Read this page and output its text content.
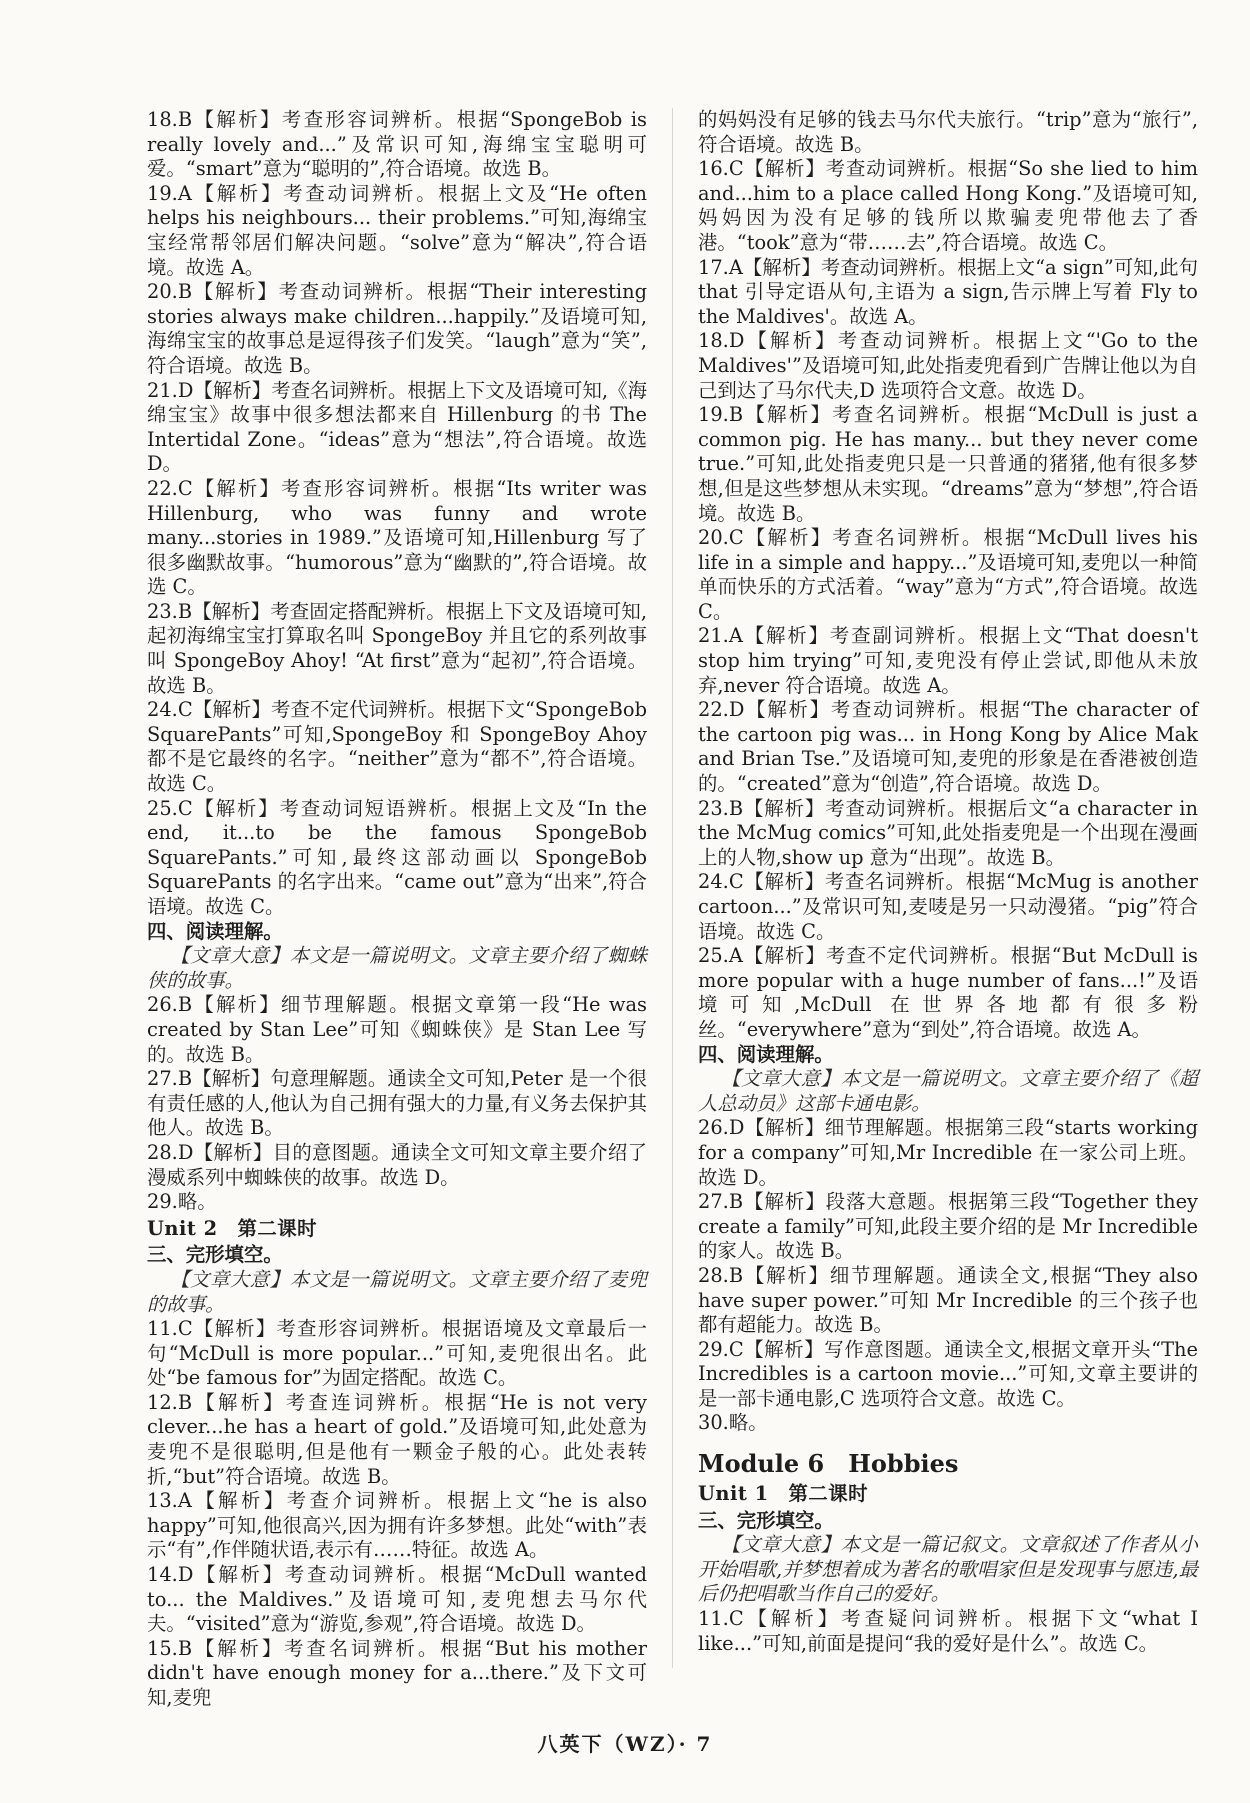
18.B【解析】考查形容词辨析。根据“SpongeBob is really lovely and...”及常识可知,海绵宝宝聪明可爱。“smart”意为“聪明的”,符合语境。故选 B。

19.A【解析】考查动词辨析。根据上文及“He often helps his neighbours... their problems.”可知,海绵宝宝经常帮邻居们解决问题。“solve”意为“解决”,符合语境。故选 A。

20.B【解析】考查动词辨析。根据“Their interesting stories always make children...happily.”及语境可知,海绵宝宝的故事总是逗得孩子们发笑。“laugh”意为“笑”,符合语境。故选 B。

21.D【解析】考查名词辨析。根据上下文及语境可知,《海绵宝宝》故事中很多想法都来自 Hillenburg 的书 The Intertidal Zone。“ideas”意为“想法”,符合语境。故选 D。

22.C【解析】考查形容词辨析。根据“Its writer was Hillenburg, who was funny and wrote many...stories in 1989.”及语境可知,Hillenburg 写了很多幽默故事。“humorous”意为“幽默的”,符合语境。故选 C。

23.B【解析】考查固定搭配辨析。根据上下文及语境可知,起初海绵宝宝打算取名叫 SpongeBoy 并且它的系列故事叫 SpongeBoy Ahoy! “At first”意为“起初”,符合语境。故选 B。

24.C【解析】考查不定代词辨析。根据下文“SpongeBob SquarePants”可知,SpongeBoy 和 SpongeBoy Ahoy 都不是它最终的名字。“neither”意为“都不”,符合语境。故选 C。

25.C【解析】考查动词短语辨析。根据上文及“In the end, it...to be the famous SpongeBob SquarePants.”可知,最终这部动画以 SpongeBob SquarePants 的名字出来。“came out”意为“出来”,符合语境。故选 C。

四、阅读理解。

【文章大意】本文是一篇说明文。文章主要介绍了蜘蛛侠的故事。

26.B【解析】细节理解题。根据文章第一段“He was created by Stan Lee”可知《蜘蛛侠》是 Stan Lee 写的。故选 B。

27.B【解析】句意理解题。通读全文可知,Peter 是一个很有责任感的人,他认为自己拥有强大的力量,有义务去保护其他人。故选 B。

28.D【解析】目的意图题。通读全文可知文章主要介绍了漫威系列中蜘蛛侠的故事。故选 D。

29.略。

Unit 2　第二课时

三、完形填空。

【文章大意】本文是一篇说明文。文章主要介绍了麦兜的故事。

11.C【解析】考查形容词辨析。根据语境及文章最后一句“McDull is more popular...”可知,麦兜很出名。此处“be famous for”为固定搭配。故选 C。

12.B【解析】考查连词辨析。根据“He is not very clever...he has a heart of gold.”及语境可知,此处意为麦兜不是很聪明,但是他有一颗金子般的心。此处表转折,“but”符合语境。故选 B。

13.A【解析】考查介词辨析。根据上文“he is also happy”可知,他很高兴,因为拥有许多梦想。此处“with”表示“有”,作伴随状语,表示有……特征。故选 A。

14.D【解析】考查动词辨析。根据“McDull wanted to... the Maldives.”及语境可知,麦兜想去马尔代夫。“visited”意为“游览,参观”,符合语境。故选 D。

15.B【解析】考查名词辨析。根据“But his mother didn't have enough money for a...there.”及下文可知,麦兜

的妈妈没有足够的钱去马尔代夫旅行。“trip”意为“旅行”,符合语境。故选 B。

16.C【解析】考查动词辨析。根据“So she lied to him and...him to a place called Hong Kong.”及语境可知,妈妈因为没有足够的钱所以欺骗麦兜带他去了香港。“took”意为“带……去”,符合语境。故选 C。

17.A【解析】考查动词辨析。根据上文“a sign”可知,此句 that 引导定语从句,主语为 a sign,告示牌上写着 Fly to the Maldives'。故选 A。

18.D【解析】考查动词辨析。根据上文“'Go to the Maldives'”及语境可知,此处指麦兜看到广告牌让他以为自己到达了马尔代夫,D 选项符合文意。故选 D。

19.B【解析】考查名词辨析。根据“McDull is just a common pig. He has many... but they never come true.”可知,此处指麦兜只是一只普通的猪猪,他有很多梦想,但是这些梦想从未实现。“dreams”意为“梦想”,符合语境。故选 B。

20.C【解析】考查名词辨析。根据“McDull lives his life in a simple and happy...”及语境可知,麦兜以一种简单而快乐的方式活着。“way”意为“方式”,符合语境。故选 C。

21.A【解析】考查副词辨析。根据上文“That doesn't stop him trying”可知,麦兜没有停止尝试,即他从未放弃,never 符合语境。故选 A。

22.D【解析】考查动词辨析。根据“The character of the cartoon pig was... in Hong Kong by Alice Mak and Brian Tse.”及语境可知,麦兜的形象是在香港被创造的。“created”意为“创造”,符合语境。故选 D。

23.B【解析】考查动词辨析。根据后文“a character in the McMug comics”可知,此处指麦兜是一个出现在漫画上的人物,show up 意为“出现”。故选 B。

24.C【解析】考查名词辨析。根据“McMug is another cartoon...”及常识可知,麦唛是另一只动漫猪。“pig”符合语境。故选 C。

25.A【解析】考查不定代词辨析。根据“But McDull is more popular with a huge number of fans...!”及语境可知,McDull 在世界各地都有很多粉丝。“everywhere”意为“到处”,符合语境。故选 A。

四、阅读理解。

【文章大意】本文是一篇说明文。文章主要介绍了《超人总动员》这部卡通电影。

26.D【解析】细节理解题。根据第三段“starts working for a company”可知,Mr Incredible 在一家公司上班。故选 D。

27.B【解析】段落大意题。根据第三段“Together they create a family”可知,此段主要介绍的是 Mr Incredible 的家人。故选 B。

28.B【解析】细节理解题。通读全文,根据“They also have super power.”可知 Mr Incredible 的三个孩子也都有超能力。故选 B。

29.C【解析】写作意图题。通读全文,根据文章开头“The Incredibles is a cartoon movie...”可知,文章主要讲的是一部卡通电影,C 选项符合文意。故选 C。

30.略。

Module 6　Hobbies

Unit 1　第二课时

三、完形填空。

【文章大意】本文是一篇记叙文。文章叙述了作者从小开始唱歌,并梦想着成为著名的歌唱家但是发现事与愿违,最后仍把唱歌当作自己的爱好。

11.C【解析】考查疑问词辨析。根据下文“what I like...”可知,前面是提问“我的爱好是什么”。故选 C。

八英下（WZ）· 7
